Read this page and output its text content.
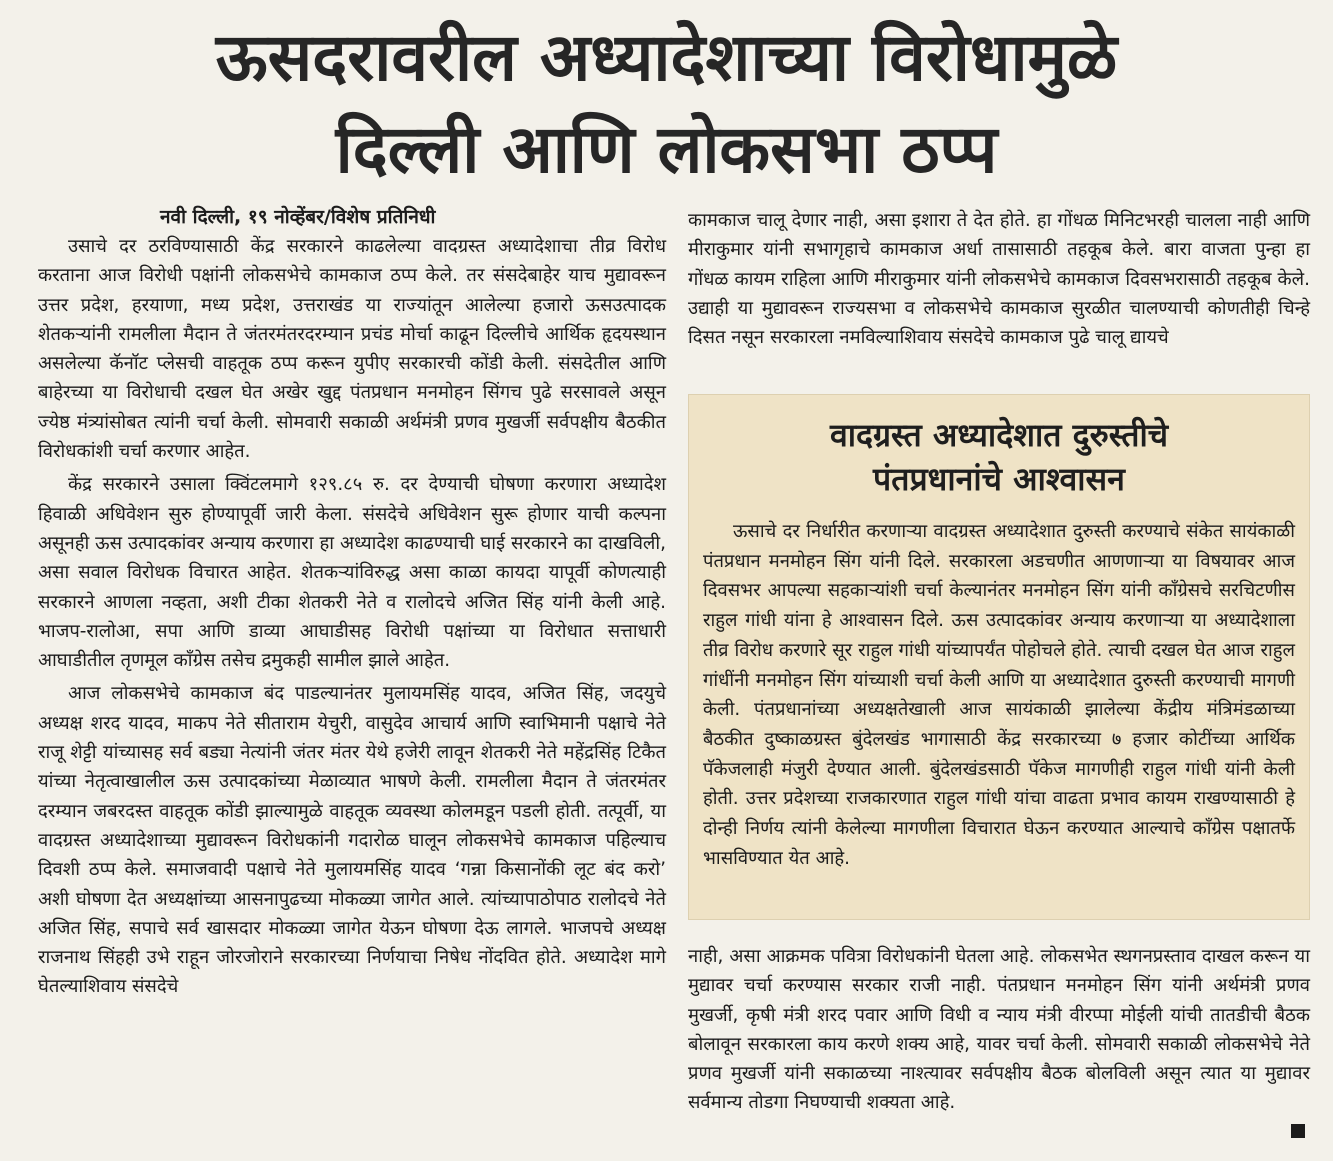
ऊसदरावरील अध्यादेशाच्या विरोधामुळे
दिल्ली आणि लोकसभा ठप्प
नवी दिल्ली, १९ नोव्हेंबर/विशेष प्रतिनिधी

उसाचे दर ठरविण्यासाठी केंद्र सरकारने काढलेल्या वादग्रस्त अध्यादेशाचा तीव्र विरोध करताना आज विरोधी पक्षांनी लोकसभेचे कामकाज ठप्प केले. तर संसदेबाहेर याच मुद्यावरून उत्तर प्रदेश, हरयाणा, मध्य प्रदेश, उत्तराखंड या राज्यांतून आलेल्या हजारो ऊसउत्पादक शेतकऱ्यांनी रामलीला मैदान ते जंतरमंतरदरम्यान प्रचंड मोर्चा काढून दिल्लीचे आर्थिक हृदयस्थान असलेल्या कॅनॉट प्लेसची वाहतूक ठप्प करून युपीए सरकारची कोंडी केली. संसदेतील आणि बाहेरच्या या विरोधाची दखल घेत अखेर खुद्द पंतप्रधान मनमोहन सिंगच पुढे सरसावले असून ज्येष्ठ मंत्र्यांसोबत त्यांनी चर्चा केली. सोमवारी सकाळी अर्थमंत्री प्रणव मुखर्जी सर्वपक्षीय बैठकीत विरोधकांशी चर्चा करणार आहेत.

केंद्र सरकारने उसाला क्विंटलमागे १२९.८५ रु. दर देण्याची घोषणा करणारा अध्यादेश हिवाळी अधिवेशन सुरु होण्यापूर्वी जारी केला. संसदेचे अधिवेशन सुरू होणार याची कल्पना असूनही ऊस उत्पादकांवर अन्याय करणारा हा अध्यादेश काढण्याची घाई सरकारने का दाखविली, असा सवाल विरोधक विचारत आहेत. शेतकऱ्यांविरुद्ध असा काळा कायदा यापूर्वी कोणत्याही सरकारने आणला नव्हता, अशी टीका शेतकरी नेते व रालोदचे अजित सिंह यांनी केली आहे. भाजप-रालोआ, सपा आणि डाव्या आघाडीसह विरोधी पक्षांच्या या विरोधात सत्ताधारी आघाडीतील तृणमूल काँग्रेस तसेच द्रमुकही सामील झाले आहेत.

आज लोकसभेचे कामकाज बंद पाडल्यानंतर मुलायमसिंह यादव, अजित सिंह, जदयुचे अध्यक्ष शरद यादव, माकप नेते सीताराम येचुरी, वासुदेव आचार्य आणि स्वाभिमानी पक्षाचे नेते राजू शेट्टी यांच्यासह सर्व बड्या नेत्यांनी जंतर मंतर येथे हजेरी लावून शेतकरी नेते महेंद्रसिंह टिकैत यांच्या नेतृत्वाखालील ऊस उत्पादकांच्या मेळाव्यात भाषणे केली. रामलीला मैदान ते जंतरमंतर दरम्यान जबरदस्त वाहतूक कोंडी झाल्यामुळे वाहतूक व्यवस्था कोलमडून पडली होती. तत्पूर्वी, या वादग्रस्त अध्यादेशाच्या मुद्यावरून विरोधकांनी गदारोळ घालून लोकसभेचे कामकाज पहिल्याच दिवशी ठप्प केले. समाजवादी पक्षाचे नेते मुलायमसिंह यादव ‘गन्ना किसानोंकी लूट बंद करो’ अशी घोषणा देत अध्यक्षांच्या आसनापुढच्या मोकळ्या जागेत आले. त्यांच्यापाठोपाठ रालोदचे नेते अजित सिंह, सपाचे सर्व खासदार मोकळ्या जागेत येऊन घोषणा देऊ लागले. भाजपचे अध्यक्ष राजनाथ सिंहही उभे राहून जोरजोराने सरकारच्या निर्णयाचा निषेध नोंदवित होते. अध्यादेश मागे घेतल्याशिवाय संसदेचे

कामकाज चालू देणार नाही, असा इशारा ते देत होते. हा गोंधळ मिनिटभरही चालला नाही आणि मीराकुमार यांनी सभागृहाचे कामकाज अर्धा तासासाठी तहकूब केले. बारा वाजता पुन्हा हा गोंधळ कायम राहिला आणि मीराकुमार यांनी लोकसभेचे कामकाज दिवसभरासाठी तहकूब केले. उद्याही या मुद्यावरून राज्यसभा व लोकसभेचे कामकाज सुरळीत चालण्याची कोणतीही चिन्हे दिसत नसून सरकारला नमविल्याशिवाय संसदेचे कामकाज पुढे चालू द्यायचे

वादग्रस्त अध्यादेशात दुरुस्तीचे
पंतप्रधानांचे आश्‍वासन

ऊसाचे दर निर्धारीत करणाऱ्या वादग्रस्त अध्यादेशात दुरुस्ती करण्याचे संकेत सायंकाळी पंतप्रधान मनमोहन सिंग यांनी दिले. सरकारला अडचणीत आणणाऱ्या या विषयावर आज दिवसभर आपल्या सहकाऱ्यांशी चर्चा केल्यानंतर मनमोहन सिंग यांनी काँग्रेसचे सरचिटणीस राहुल गांधी यांना हे आश्‍वासन दिले. ऊस उत्पादकांवर अन्याय करणाऱ्या या अध्यादेशाला तीव्र विरोध करणारे सूर राहुल गांधी यांच्यापर्यंत पोहोचले होते. त्याची दखल घेत आज राहुल गांधींनी मनमोहन सिंग यांच्याशी चर्चा केली आणि या अध्यादेशात दुरुस्ती करण्याची मागणी केली. पंतप्रधानांच्या अध्यक्षतेखाली आज सायंकाळी झालेल्या केंद्रीय मंत्रिमंडळाच्या बैठकीत दुष्काळग्रस्त बुंदेलखंड भागासाठी केंद्र सरकारच्या ७ हजार कोटींच्या आर्थिक पॅकेजलाही मंजुरी देण्यात आली. बुंदेलखंडसाठी पॅकेज मागणीही राहुल गांधी यांनी केली होती. उत्तर प्रदेशच्या राजकारणात राहुल गांधी यांचा वाढता प्रभाव कायम राखण्यासाठी हे दोन्ही निर्णय त्यांनी केलेल्या मागणीला विचारात घेऊन करण्यात आल्याचे काँग्रेस पक्षातर्फे भासविण्यात येत आहे.

नाही, असा आक्रमक पवित्रा विरोधकांनी घेतला आहे. लोकसभेत स्थगनप्रस्ताव दाखल करून या मुद्यावर चर्चा करण्यास सरकार राजी नाही. पंतप्रधान मनमोहन सिंग यांनी अर्थमंत्री प्रणव मुखर्जी, कृषी मंत्री शरद पवार आणि विधी व न्याय मंत्री वीरप्पा मोईली यांची तातडीची बैठक बोलावून सरकारला काय करणे शक्य आहे, यावर चर्चा केली. सोमवारी सकाळी लोकसभेचे नेते प्रणव मुखर्जी यांनी सकाळच्या नाश्त्यावर सर्वपक्षीय बैठक बोलविली असून त्यात या मुद्यावर सर्वमान्य तोडगा निघण्याची शक्यता आहे.
